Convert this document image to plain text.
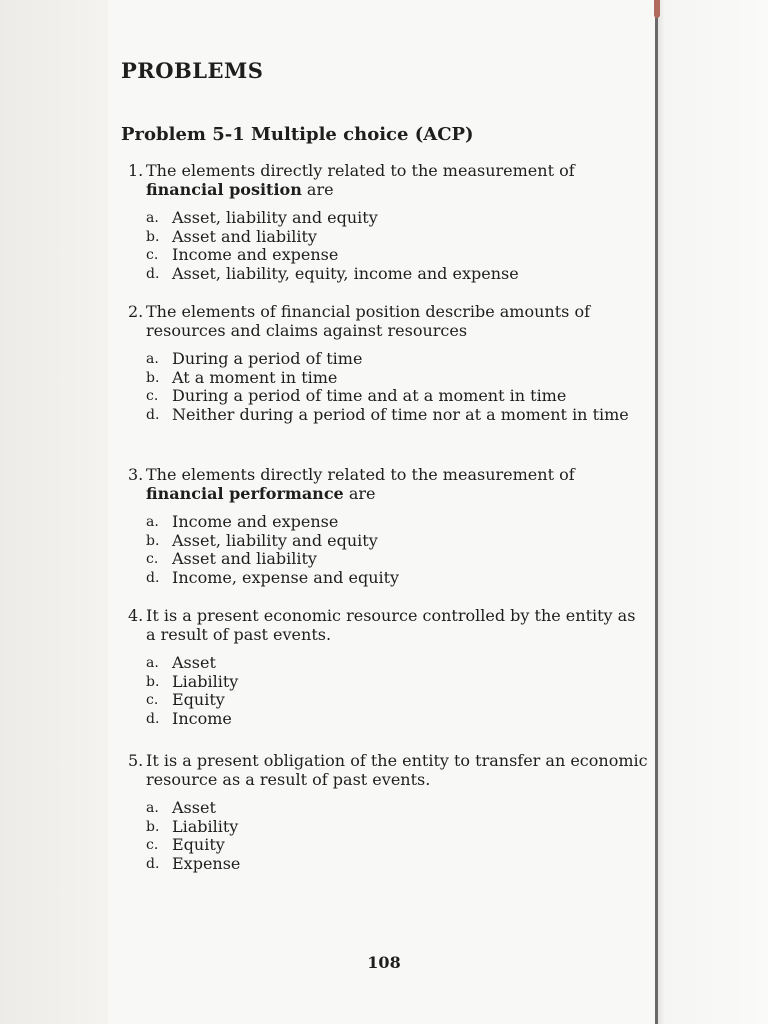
PROBLEMS
Problem 5-1 Multiple choice (ACP)
1. The elements directly related to the measurement of financial position are
a. Asset, liability and equity
b. Asset and liability
c. Income and expense
d. Asset, liability, equity, income and expense
2. The elements of financial position describe amounts of resources and claims against resources
a. During a period of time
b. At a moment in time
c. During a period of time and at a moment in time
d. Neither during a period of time nor at a moment in time
3. The elements directly related to the measurement of financial performance are
a. Income and expense
b. Asset, liability and equity
c. Asset and liability
d. Income, expense and equity
4. It is a present economic resource controlled by the entity as a result of past events.
a. Asset
b. Liability
c. Equity
d. Income
5. It is a present obligation of the entity to transfer an economic resource as a result of past events.
a. Asset
b. Liability
c. Equity
d. Expense
108
